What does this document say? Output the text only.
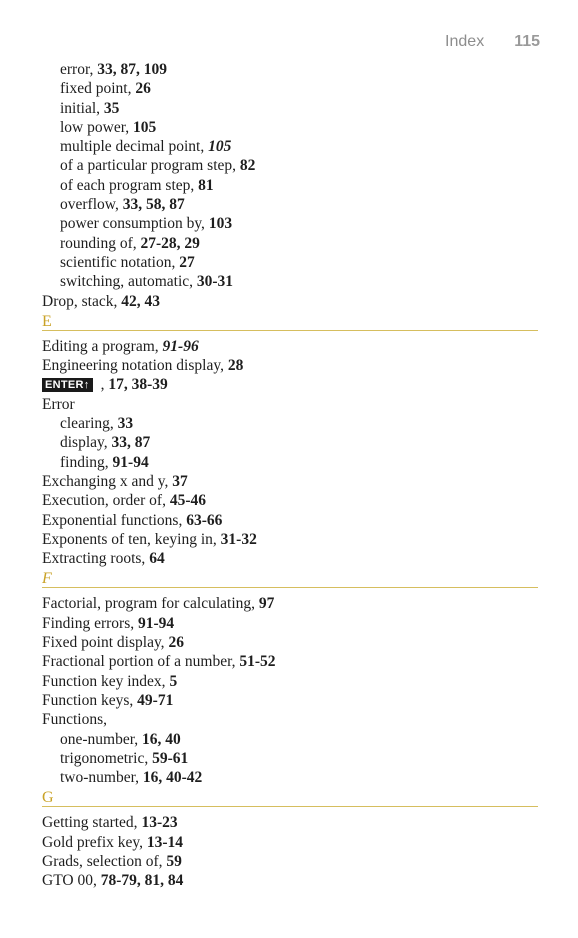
Index 115
error, 33, 87, 109
fixed point, 26
initial, 35
low power, 105
multiple decimal point, 105
of a particular program step, 82
of each program step, 81
overflow, 33, 58, 87
power consumption by, 103
rounding of, 27-28, 29
scientific notation, 27
switching, automatic, 30-31
Drop, stack, 42, 43
E
Editing a program, 91-96
Engineering notation display, 28
ENTER↑ , 17, 38-39
Error
clearing, 33
display, 33, 87
finding, 91-94
Exchanging x and y, 37
Execution, order of, 45-46
Exponential functions, 63-66
Exponents of ten, keying in, 31-32
Extracting roots, 64
F
Factorial, program for calculating, 97
Finding errors, 91-94
Fixed point display, 26
Fractional portion of a number, 51-52
Function key index, 5
Function keys, 49-71
Functions,
one-number, 16, 40
trigonometric, 59-61
two-number, 16, 40-42
G
Getting started, 13-23
Gold prefix key, 13-14
Grads, selection of, 59
GTO 00, 78-79, 81, 84
